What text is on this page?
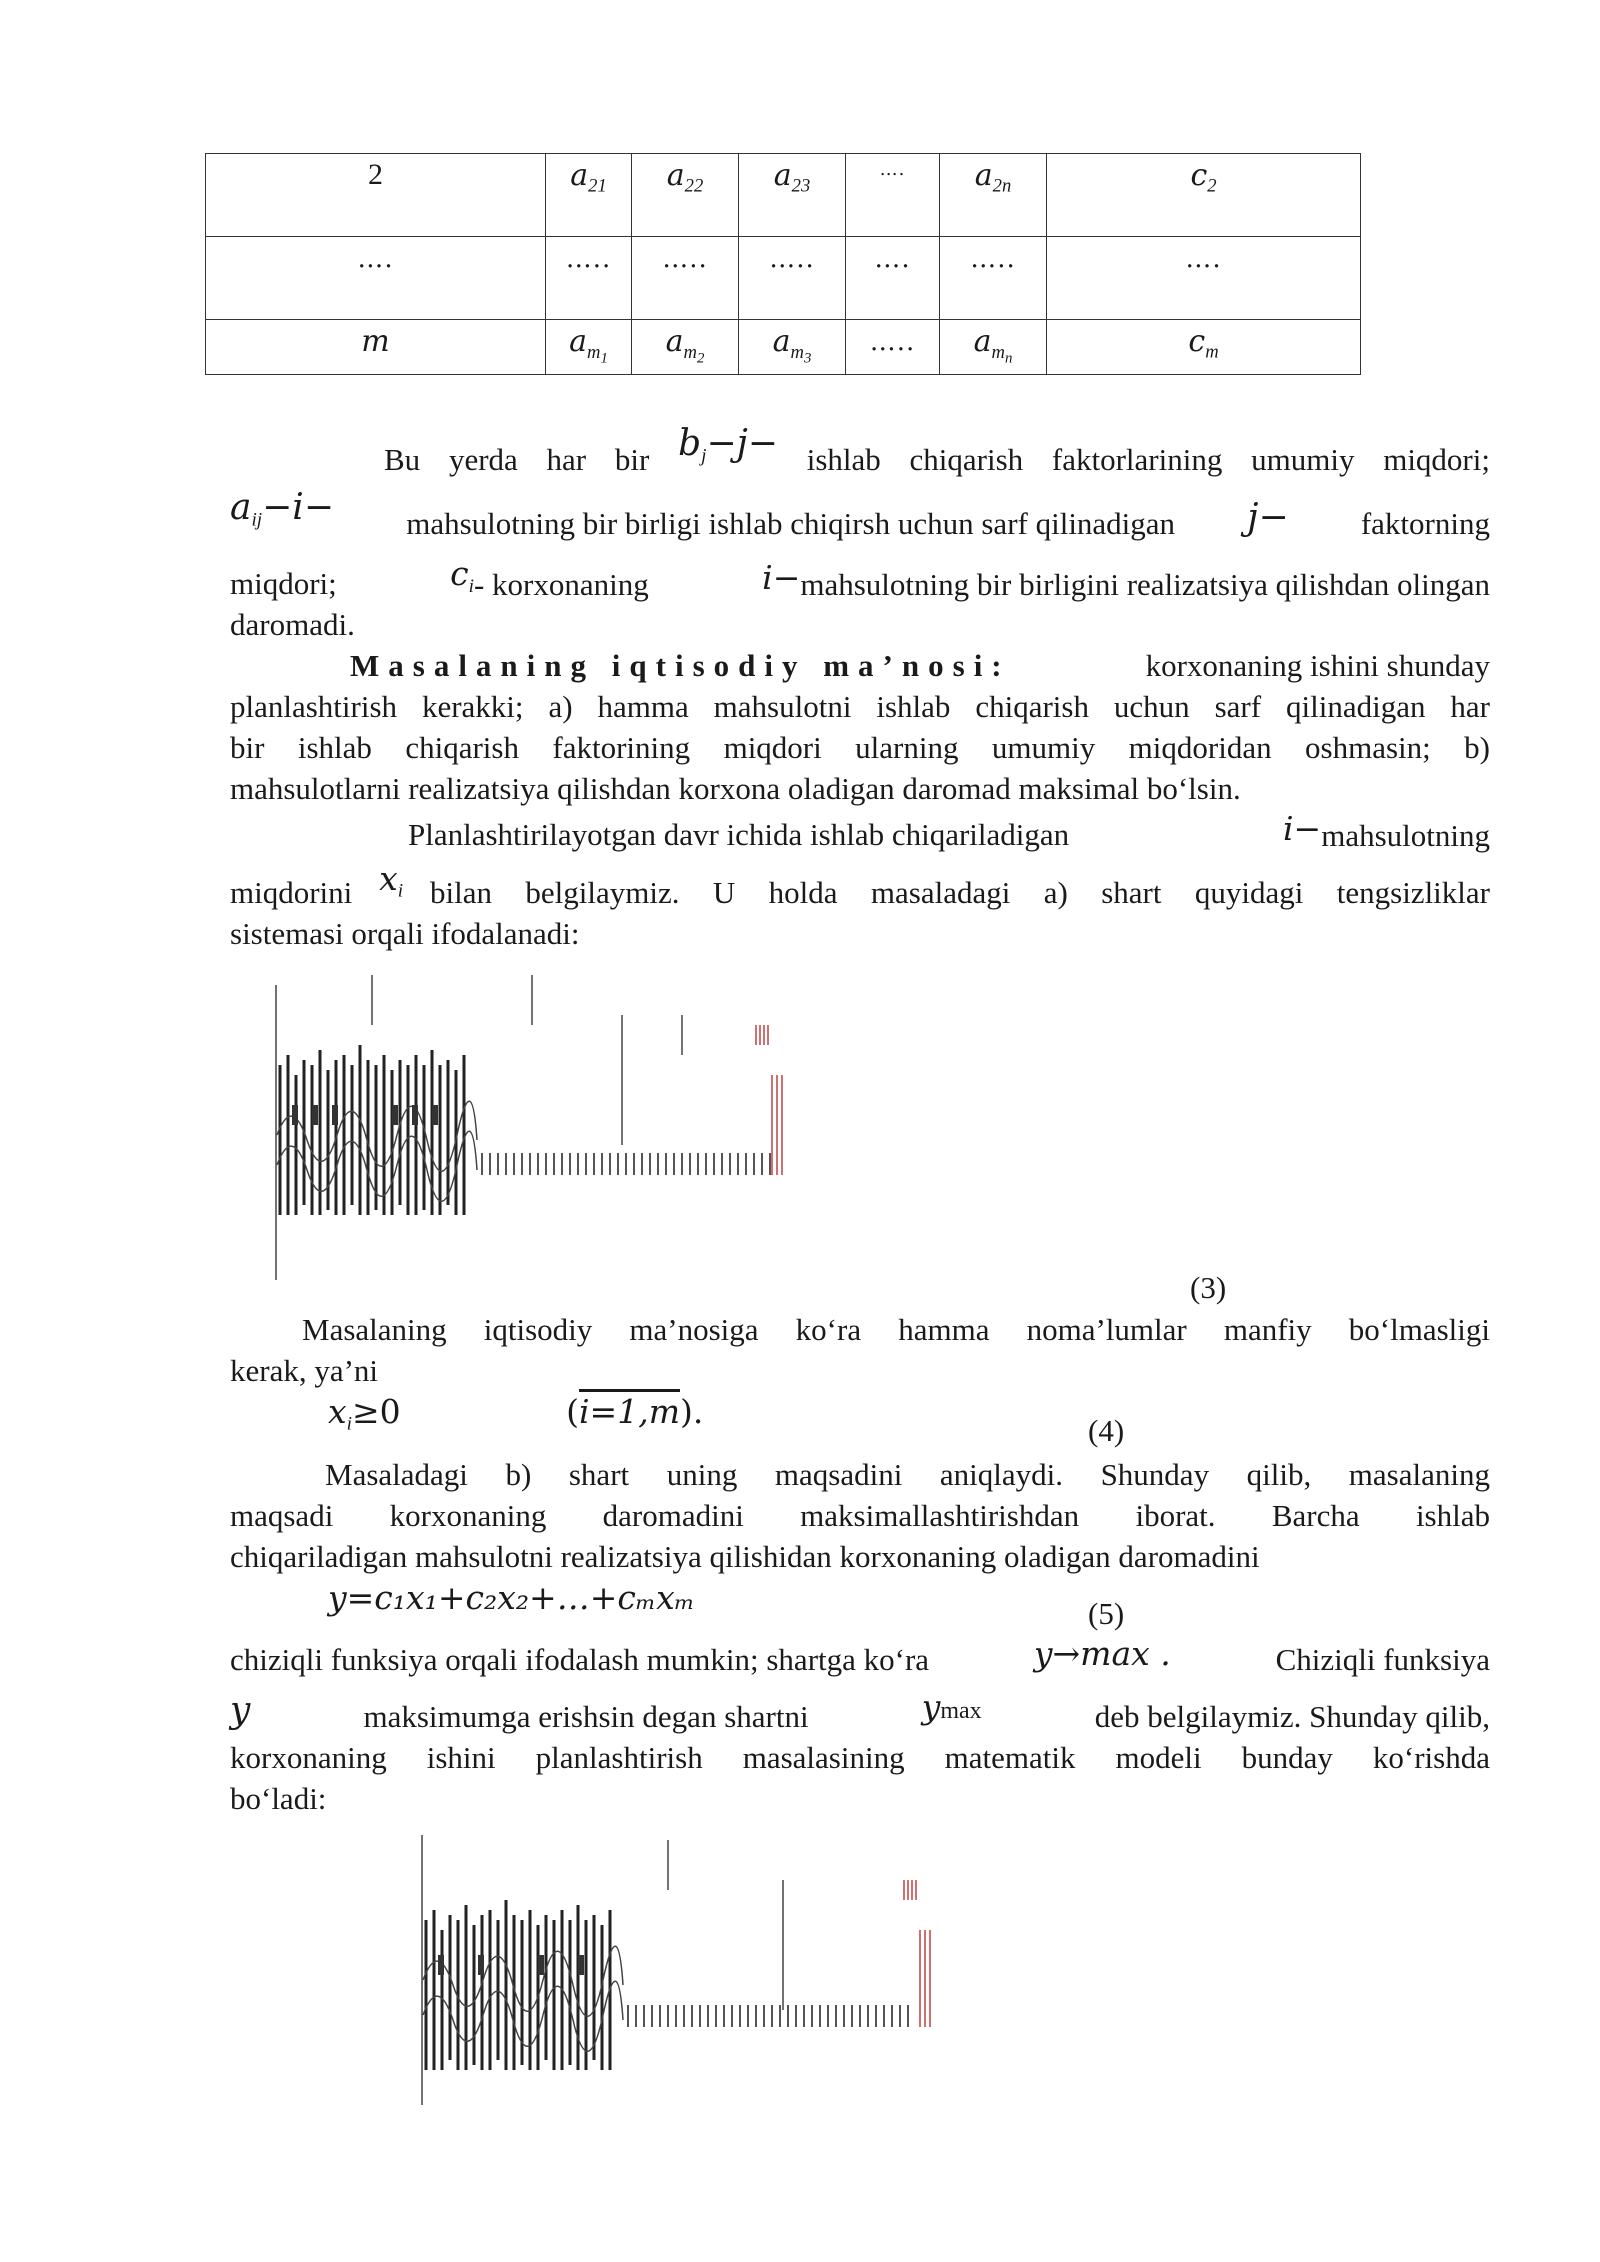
2	$a_{21}$	$a_{22}$	$a_{23}$	….	$a_{2n}$	$c_2$
….	…..	…..	…..	….	…..	….
m	$a_{m_1}$	$a_{m_2}$	$a_{m_3}$	…..	$a_{m_n}$	$c_m$
Bu yerda har bir $b_j-j-$ ishlab chiqarish faktorlarining umumiy miqdori;
$a_{ij}-i-$ mahsulotning bir birligi ishlab chiqirsh uchun sarf qilinadigan j− faktorning
miqdori;	$c_i-$ korxonaning	i−mahsulotning bir birligini realizatsiya qilishdan olingan
daromadi.
Masalaning iqtisodiy ma’nosi:	korxonaning ishini shunday
planlashtirish kerakki; a) hamma mahsulotni ishlab chiqarish uchun sarf qilinadigan har
bir ishlab chiqarish faktorining miqdori ularning umumiy miqdoridan oshmasin; b)
mahsulotlarni realizatsiya qilishdan korxona oladigan daromad maksimal bo‘lsin.
Planlashtirilayotgan davr ichida ishlab chiqariladigan	i−mahsulotning
miqdorini $x_i$ bilan belgilaymiz. U holda masaladagi a) shart quyidagi tengsizliklar
sistemasi orqali ifodalanadi:
(3)
Masalaning iqtisodiy ma’nosiga ko‘ra hamma noma’lumlar manfiy bo‘lmasligi
kerak, ya’ni
$x_i\ge 0$	(i=1,m).	(4)
Masaladagi b) shart uning maqsadini aniqlaydi. Shunday qilib, masalaning
maqsadi korxonaning daromadini maksimallashtirishdan iborat. Barcha ishlab
chiqariladigan mahsulotni realizatsiya qilishidan korxonaning oladigan daromadini
y=c₁x₁+c₂x₂+…+cₘxₘ	(5)
chiziqli funksiya orqali ifodalash mumkin; shartga ko‘ra	y→max .	Chiziqli funksiya
y	maksimumga erishsin degan shartni	ymax	deb belgilaymiz. Shunday qilib,
korxonaning ishini planlashtirish masalasining matematik modeli bunday ko‘rishda
bo‘ladi:
